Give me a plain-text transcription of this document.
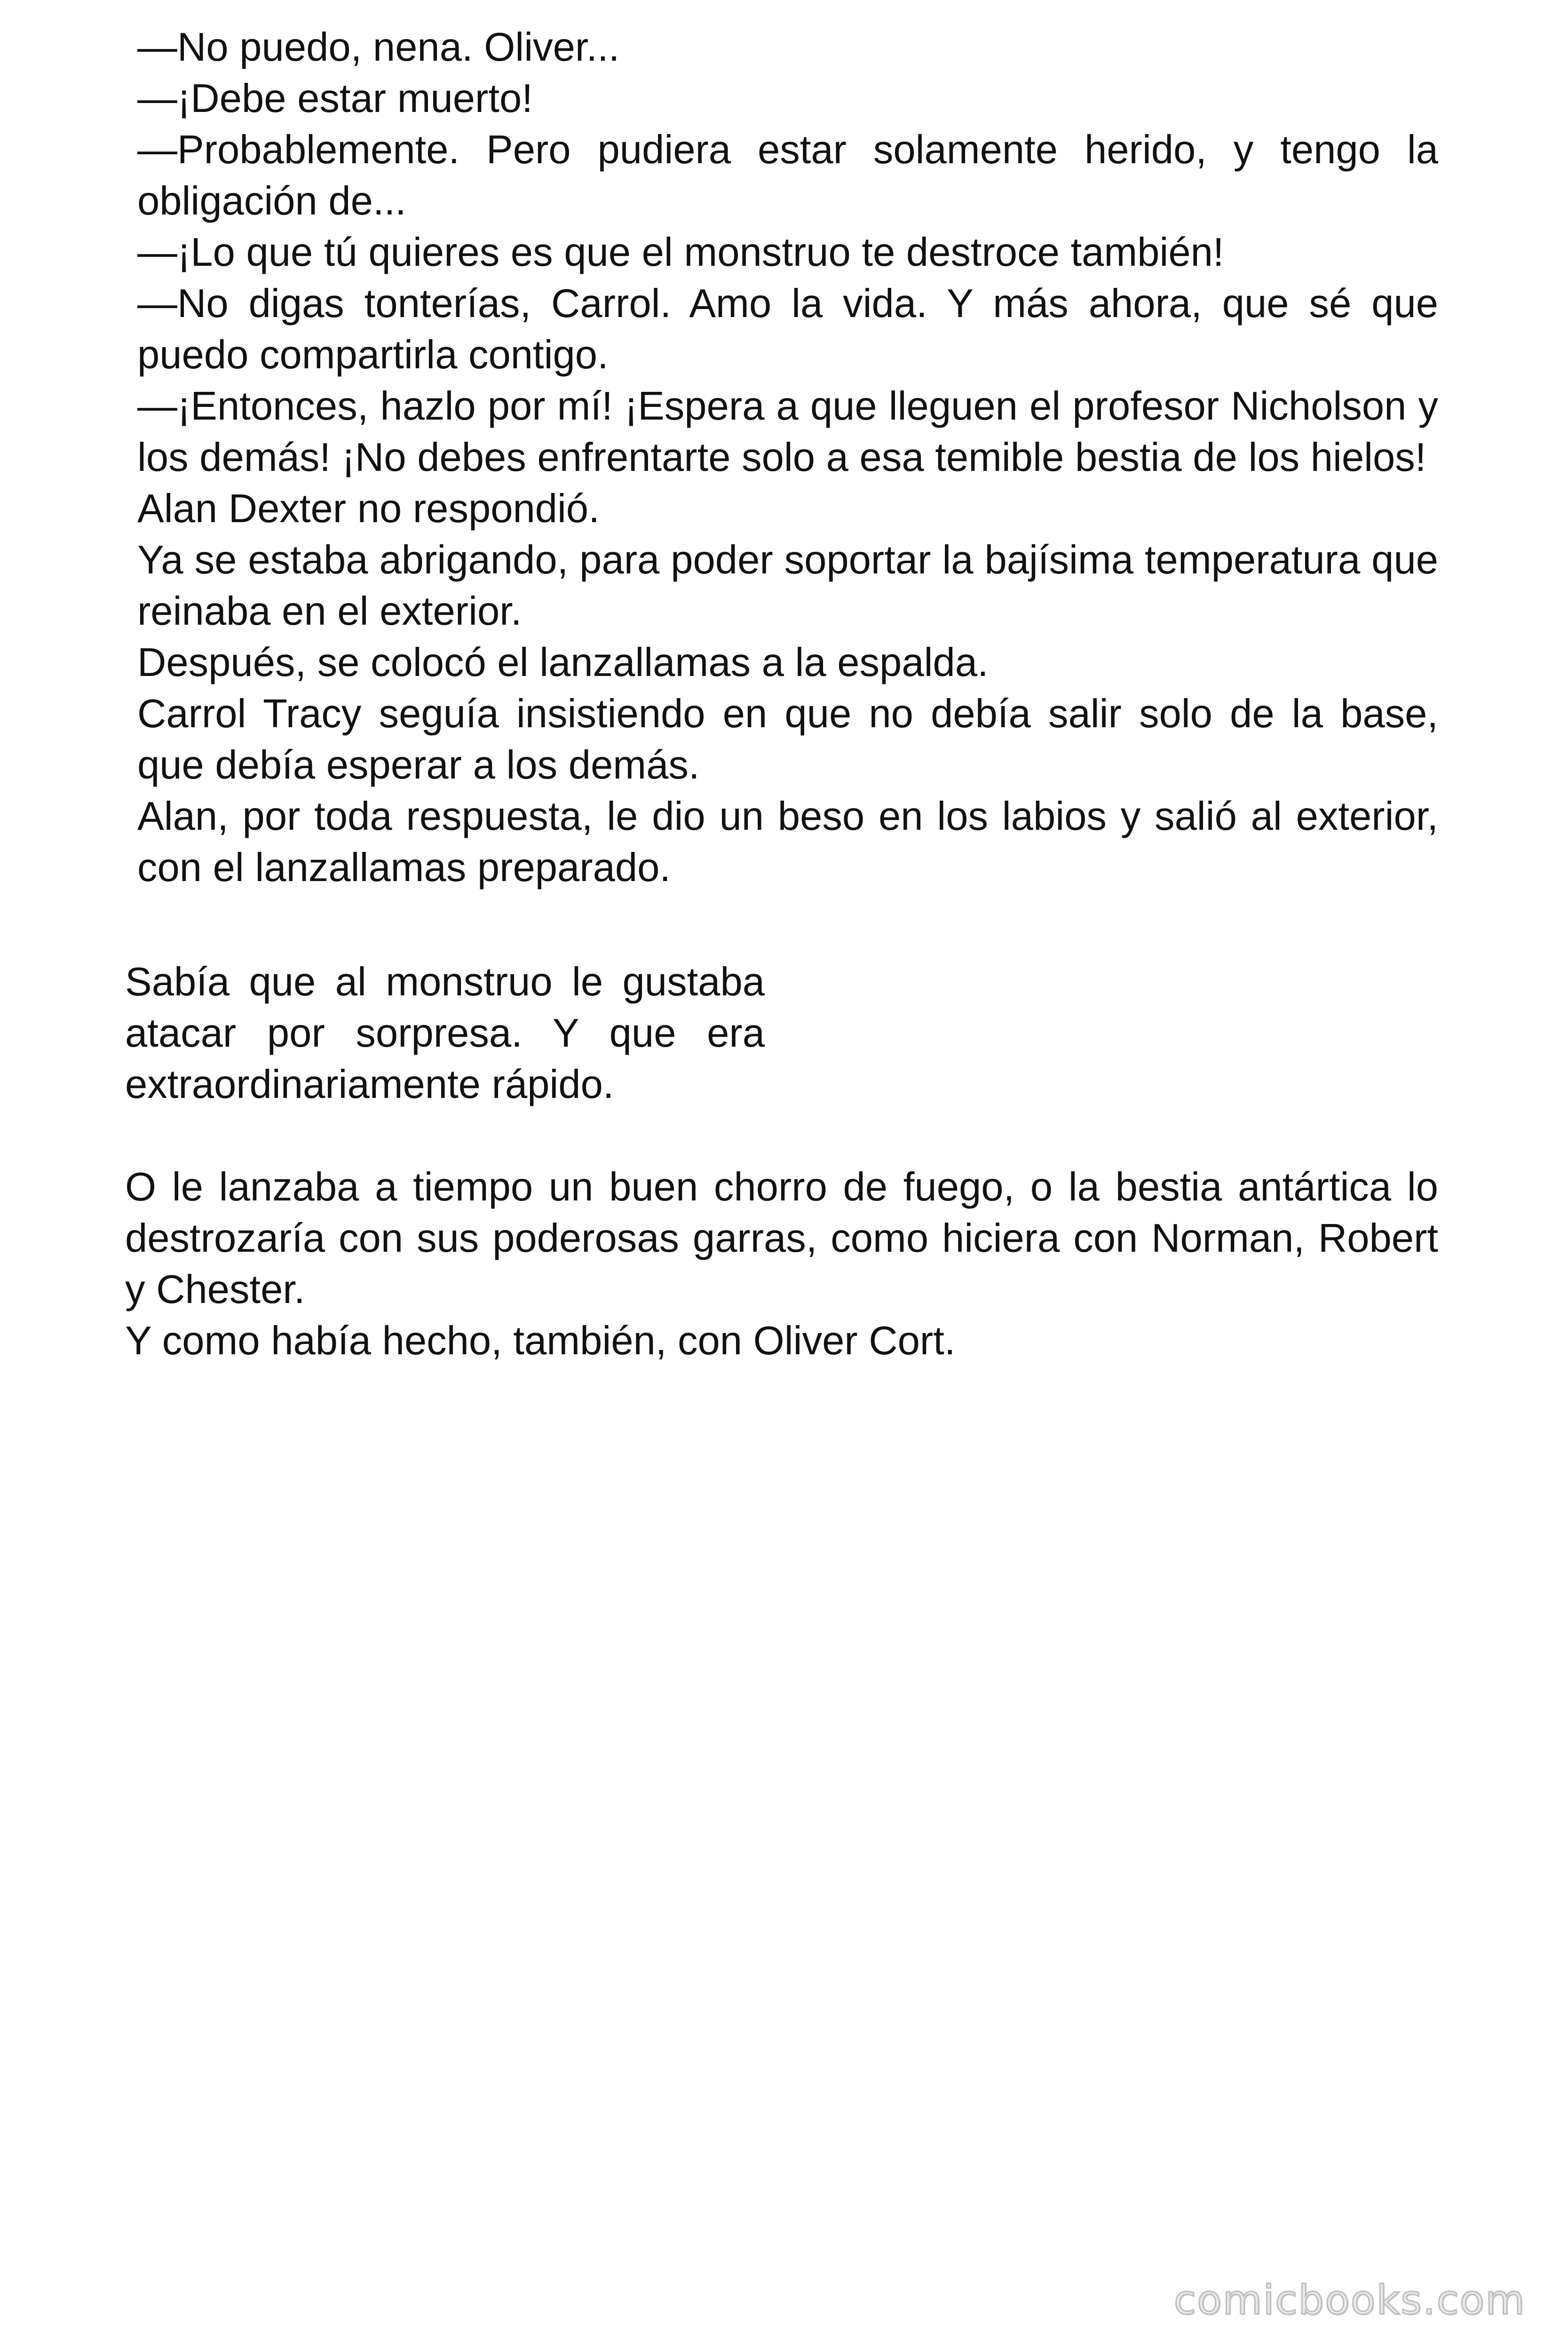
—No puedo, nena. Oliver...

—¡Debe estar muerto!

—Probablemente. Pero pudiera estar solamente herido, y tengo la obligación de...

—¡Lo que tú quieres es que el monstruo te destroce también!

—No digas tonterías, Carrol. Amo la vida. Y más ahora, que sé que puedo compartirla contigo.

—¡Entonces, hazlo por mí! ¡Espera a que lleguen el profesor Nicholson y los demás! ¡No debes enfrentarte solo a esa temible bestia de los hielos!

Alan Dexter no respondió.

Ya se estaba abrigando, para poder soportar la bajísima temperatura que reinaba en el exterior.

Después, se colocó el lanzallamas a la espalda.

Carrol Tracy seguía insistiendo en que no debía salir solo de la base, que debía esperar a los demás.

Alan, por toda respuesta, le dio un beso en los labios y salió al exterior, con el lanzallamas preparado.

Sabía que al monstruo le gustaba atacar por sorpresa. Y que era extraordinariamente rápido.

O le lanzaba a tiempo un buen chorro de fuego, o la bestia antártica lo destrozaría con sus poderosas garras, como hiciera con Norman, Robert y Chester.

Y como había hecho, también, con Oliver Cort.

comicbooks.com
